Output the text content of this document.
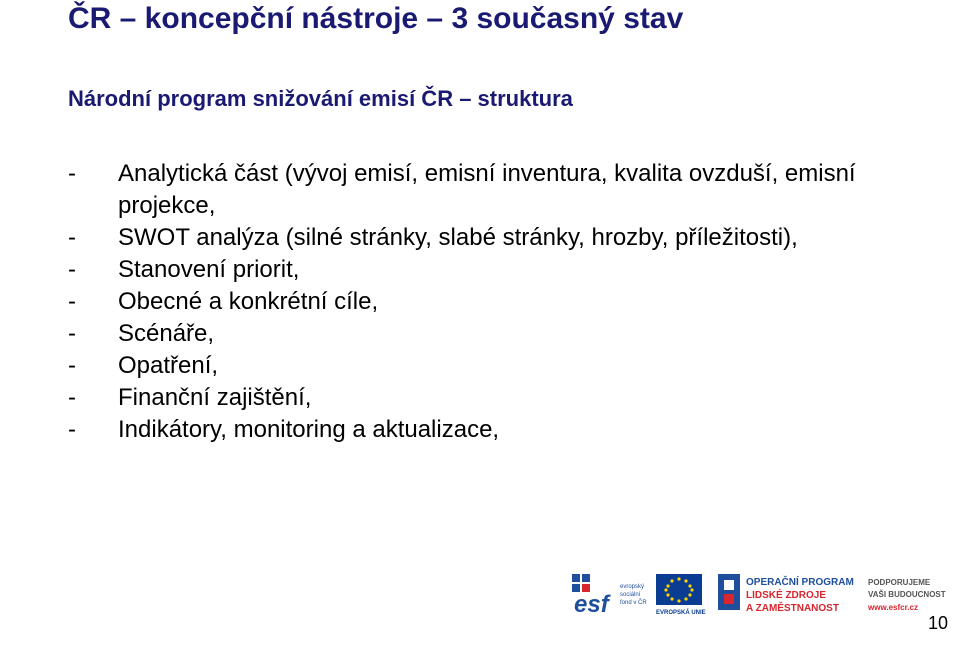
ČR – koncepční nástroje – 3 současný stav
Národní program snižování emisí ČR – struktura
-	Analytická část (vývoj emisí, emisní inventura, kvalita ovzduší, emisní projekce,
-	SWOT analýza (silné stránky, slabé stránky, hrozby, příležitosti),
-	Stanovení priorit,
-	Obecné a konkrétní cíle,
-	Scénáře,
-	Opatření,
-	Finanční zajištění,
-	Indikátory, monitoring a aktualizace,
esf
evropský
sociální
fond v ČR
EVROPSKÁ UNIE
OPERAČNÍ PROGRAM
LIDSKÉ ZDROJE
A ZAMĚSTNANOST
PODPORUJEME
VAŠI BUDOUCNOST
www.esfcr.cz
10
